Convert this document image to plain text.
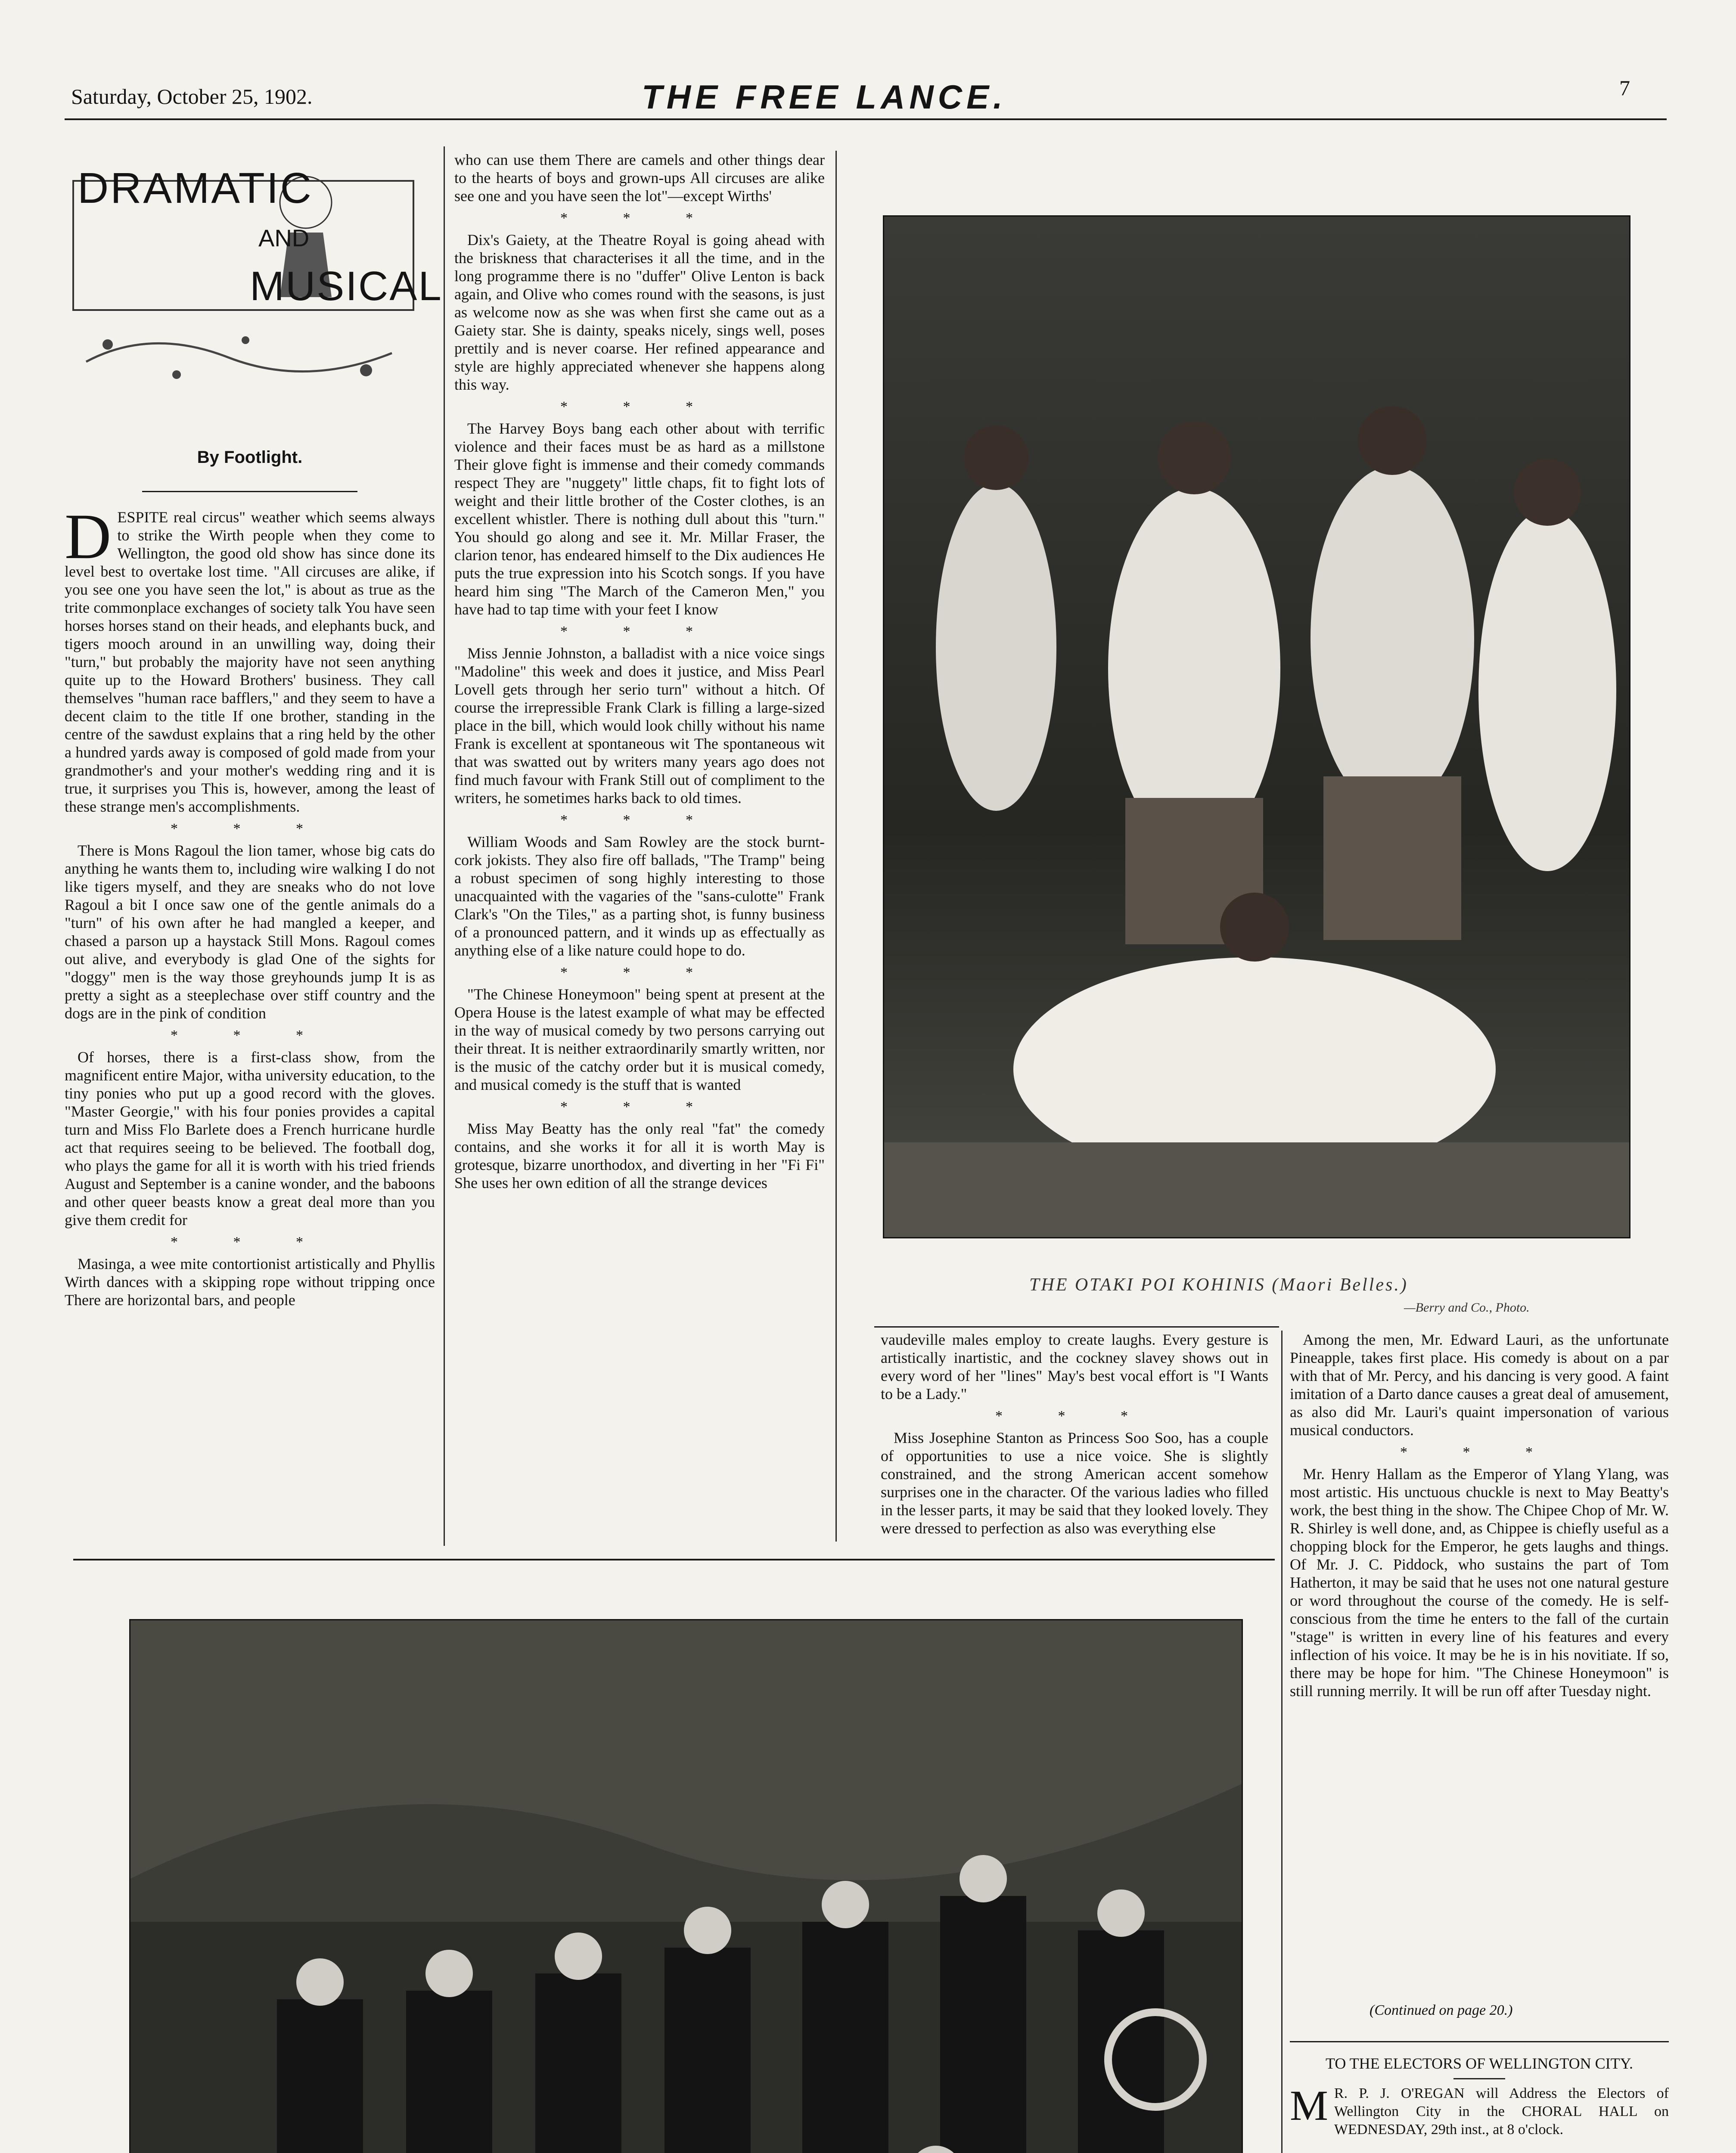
Saturday, October 25, 1902.	THE FREE LANCE.	7
DRAMATIC
AND
MUSICAL
By Footlight.
D ESPITE real circus" weather which seems always to strike the Wirth people when they come to Wellington, the good old show has since done its level best to overtake lost time. "All circuses are alike, if you see one you have seen the lot," is about as true as the trite commonplace exchanges of society talk You have seen horses horses stand on their heads, and elephants buck, and tigers mooch around in an unwilling way, doing their "turn," but probably the majority have not seen anything quite up to the Howard Brothers' business. They call themselves "human race bafflers," and they seem to have a decent claim to the title If one brother, standing in the centre of the sawdust explains that a ring held by the other a hundred yards away is composed of gold made from your grandmother's and your mother's wedding ring and it is true, it surprises you This is, however, among the least of these strange men's accomplishments.

* * *

There is Mons Ragoul the lion tamer, whose big cats do anything he wants them to, including wire walking I do not like tigers myself, and they are sneaks who do not love Ragoul a bit I once saw one of the gentle animals do a "turn" of his own after he had mangled a keeper, and chased a parson up a haystack Still Mons. Ragoul comes out alive, and everybody is glad One of the sights for "doggy" men is the way those greyhounds jump It is as pretty a sight as a steeplechase over stiff country and the dogs are in the pink of condition

* * *

Of horses, there is a first-class show, from the magnificent entire Major, witha university education, to the tiny ponies who put up a good record with the gloves. "Master Georgie," with his four ponies provides a capital turn and Miss Flo Barlete does a French hurricane hurdle act that requires seeing to be believed. The football dog, who plays the game for all it is worth with his tried friends August and September is a canine wonder, and the baboons and other queer beasts know a great deal more than you give them credit for

* * *

Masinga, a wee mite contortionist artistically and Phyllis Wirth dances with a skipping rope without tripping once There are horizontal bars, and people

who can use them There are camels and other things dear to the hearts of boys and grown-ups All circuses are alike see one and you have seen the lot"—except Wirths'

* * *

Dix's Gaiety, at the Theatre Royal is going ahead with the briskness that characterises it all the time, and in the long programme there is no "duffer" Olive Lenton is back again, and Olive who comes round with the seasons, is just as welcome now as she was when first she came out as a Gaiety star. She is dainty, speaks nicely, sings well, poses prettily and is never coarse. Her refined appearance and style are highly appreciated whenever she happens along this way.

* * *

The Harvey Boys bang each other about with terrific violence and their faces must be as hard as a millstone Their glove fight is immense and their comedy commands respect They are "nuggety" little chaps, fit to fight lots of weight and their little brother of the Coster clothes, is an excellent whistler. There is nothing dull about this "turn." You should go along and see it. Mr. Millar Fraser, the clarion tenor, has endeared himself to the Dix audiences He puts the true expression into his Scotch songs. If you have heard him sing "The March of the Cameron Men," you have had to tap time with your feet I know

* * *

Miss Jennie Johnston, a balladist with a nice voice sings "Madoline" this week and does it justice, and Miss Pearl Lovell gets through her serio turn" without a hitch. Of course the irrepressible Frank Clark is filling a large-sized place in the bill, which would look chilly without his name Frank is excellent at spontaneous wit The spontaneous wit that was swatted out by writers many years ago does not find much favour with Frank Still out of compliment to the writers, he sometimes harks back to old times.

* * *

William Woods and Sam Rowley are the stock burnt-cork jokists. They also fire off ballads, "The Tramp" being a robust specimen of song highly interesting to those unacquainted with the vagaries of the "sans-culotte" Frank Clark's "On the Tiles," as a parting shot, is funny business of a pronounced pattern, and it winds up as effectually as anything else of a like nature could hope to do.

* * *

"The Chinese Honeymoon" being spent at present at the Opera House is the latest example of what may be effected in the way of musical comedy by two persons carrying out their threat. It is neither extraordinarily smartly written, nor is the music of the catchy order but it is musical comedy, and musical comedy is the stuff that is wanted

* * *

Miss May Beatty has the only real "fat" the comedy contains, and she works it for all it is worth May is grotesque, bizarre unorthodox, and diverting in her "Fi Fi" She uses her own edition of all the strange devices

THE OTAKI POI KOHINIS (Maori Belles.)
—Berry and Co., Photo.

vaudeville males employ to create laughs. Every gesture is artistically inartistic, and the cockney slavey shows out in every word of her "lines" May's best vocal effort is "I Wants to be a Lady."

* * *

Miss Josephine Stanton as Princess Soo Soo, has a couple of opportunities to use a nice voice. She is slightly constrained, and the strong American accent somehow surprises one in the character. Of the various ladies who filled in the lesser parts, it may be said that they looked lovely. They were dressed to perfection as also was everything else

Among the men, Mr. Edward Lauri, as the unfortunate Pineapple, takes first place. His comedy is about on a par with that of Mr. Percy, and his dancing is very good. A faint imitation of a Darto dance causes a great deal of amusement, as also did Mr. Lauri's quaint impersonation of various musical conductors.

* * *

Mr. Henry Hallam as the Emperor of Ylang Ylang, was most artistic. His unctuous chuckle is next to May Beatty's work, the best thing in the show. The Chipee Chop of Mr. W. R. Shirley is well done, and, as Chippee is chiefly useful as a chopping block for the Emperor, he gets laughs and things. Of Mr. J. C. Piddock, who sustains the part of Tom Hatherton, it may be said that he uses not one natural gesture or word throughout the course of the comedy. He is self-conscious from the time he enters to the fall of the curtain "stage" is written in every line of his features and every inflection of his voice. It may be he is in his novitiate. If so, there may be hope for him. "The Chinese Honeymoon" is still running merrily. It will be run off after Tuesday night.

(Continued on page 20.)
TO THE ELECTORS OF WELLINGTON CITY.
M R. P. J. O'REGAN will Address the Electors of Wellington City in the CHORAL HALL on WEDNESDAY, 29th inst., at 8 o'clock.
